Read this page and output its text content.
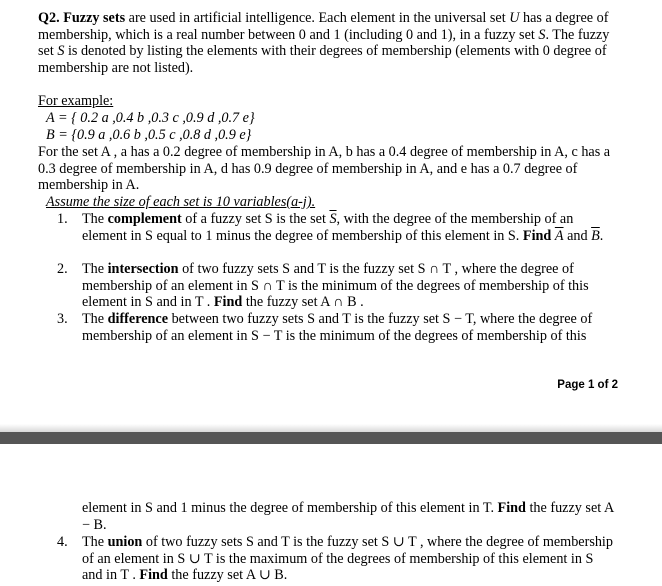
Q2. Fuzzy sets are used in artificial intelligence. Each element in the universal set U has a degree of membership, which is a real number between 0 and 1 (including 0 and 1), in a fuzzy set S. The fuzzy set S is denoted by listing the elements with their degrees of membership (elements with 0 degree of membership are not listed).

For example:

A = { 0.2 a ,0.4 b ,0.3 c ,0.9 d ,0.7 e}

B = {0.9 a ,0.6 b ,0.5 c ,0.8 d ,0.9 e}

For the set A , a has a 0.2 degree of membership in A, b has a 0.4 degree of membership in A, c has a 0.3 degree of membership in A, d has 0.9 degree of membership in A, and e has a 0.7 degree of membership in A.

Assume the size of each set is 10 variables(a-j).

1. The complement of a fuzzy set S is the set $\overline{S}$, with the degree of the membership of an element in S equal to 1 minus the degree of membership of this element in S. Find $\overline{A}$ and $\overline{B}$.
2. The intersection of two fuzzy sets S and T is the fuzzy set S ∩ T , where the degree of membership of an element in S ∩ T is the minimum of the degrees of membership of this element in S and in T . Find the fuzzy set A ∩ B .
3. The difference between two fuzzy sets S and T is the fuzzy set S − T, where the degree of membership of an element in S − T is the minimum of the degrees of membership of this
Page 1 of 2
element in S and 1 minus the degree of membership of this element in T. Find the fuzzy set A − B.
4. The union of two fuzzy sets S and T is the fuzzy set S ∪ T , where the degree of membership of an element in S ∪ T is the maximum of the degrees of membership of this element in S and in T . Find the fuzzy set A ∪ B.
